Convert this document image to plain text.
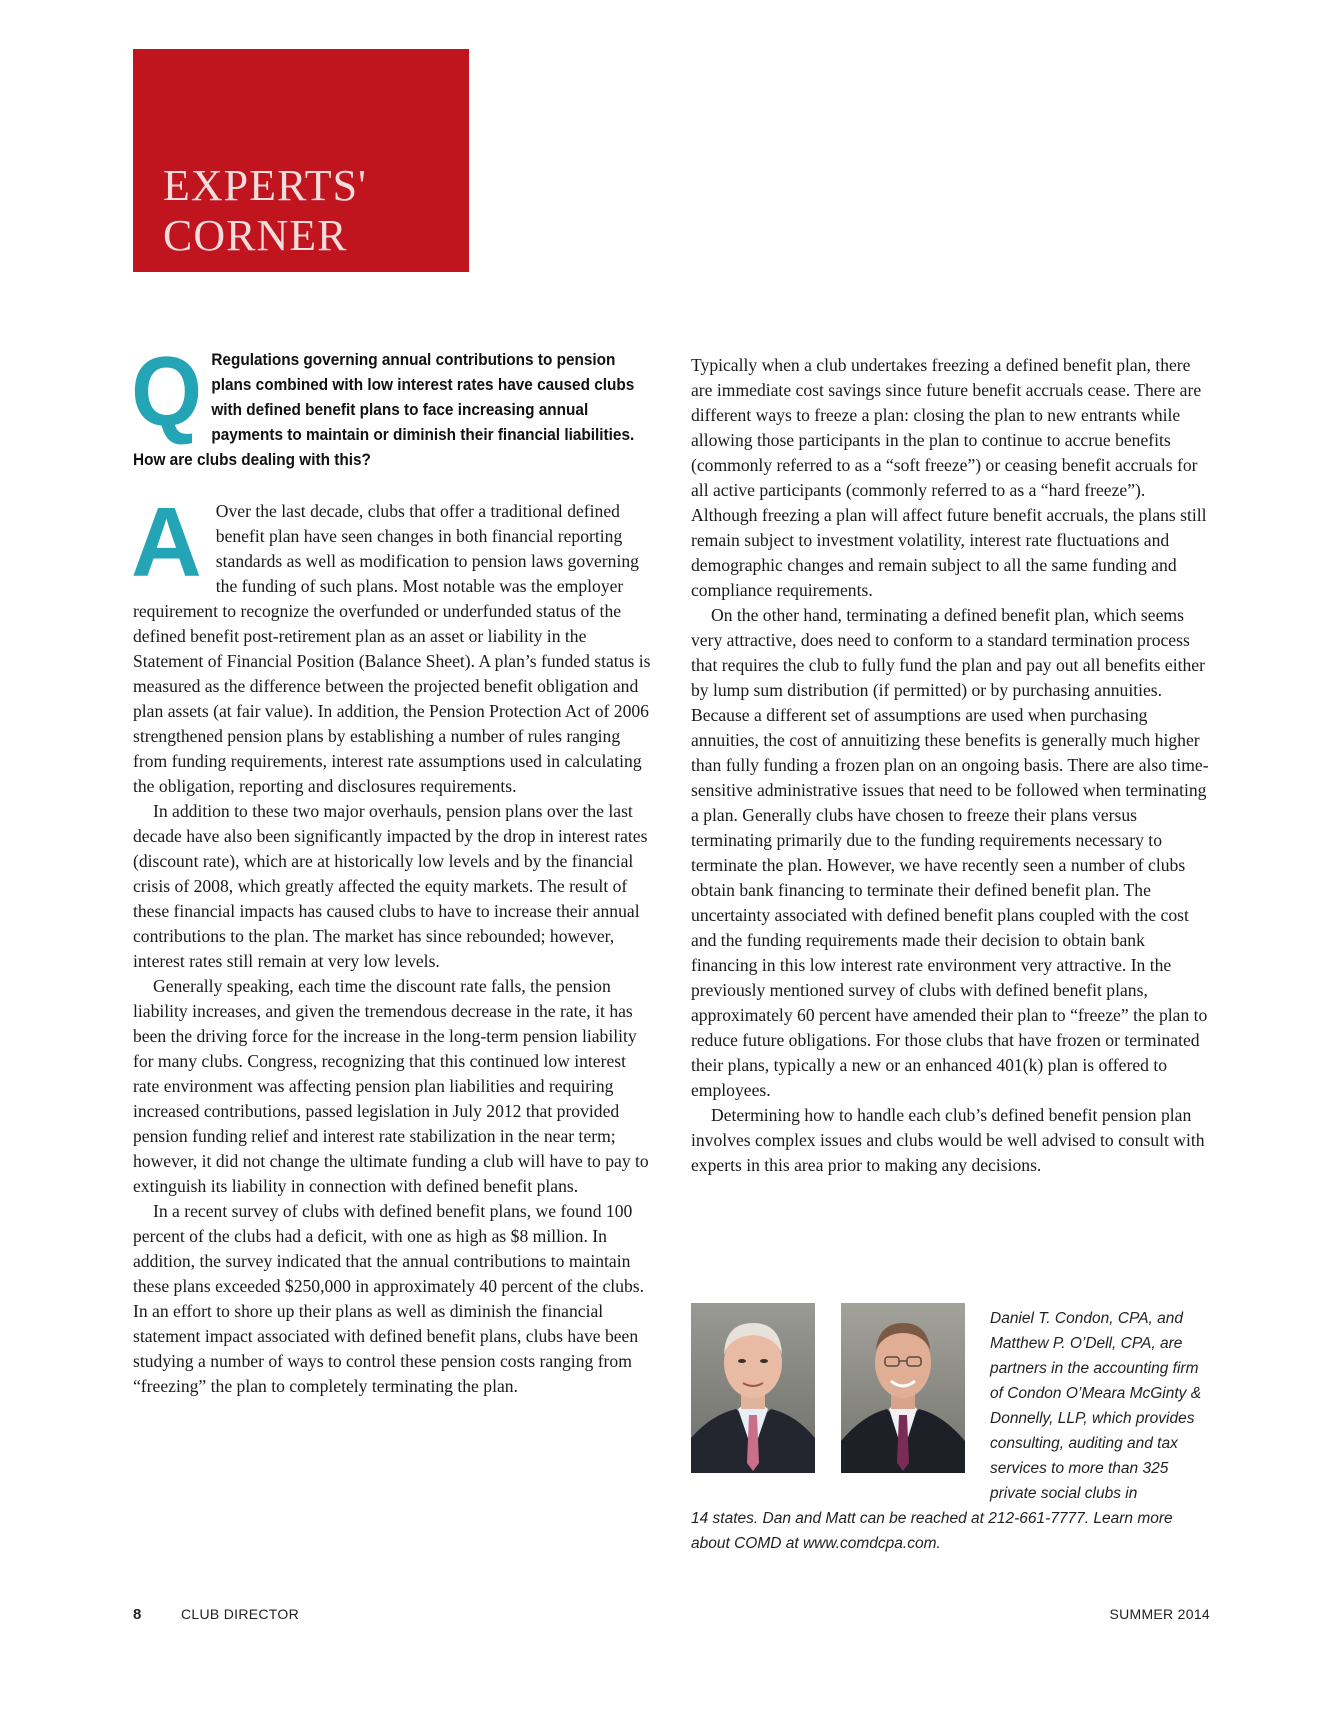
EXPERTS'
CORNER

Q Regulations governing annual contributions to pension plans combined with low interest rates have caused clubs with defined benefit plans to face increasing annual payments to maintain or diminish their financial liabilities. How are clubs dealing with this?

A Over the last decade, clubs that offer a traditional defined benefit plan have seen changes in both financial reporting standards as well as modification to pension laws governing the funding of such plans. Most notable was the employer requirement to recognize the overfunded or underfunded status of the defined benefit post-retirement plan as an asset or liability in the Statement of Financial Position (Balance Sheet). A plan’s funded status is measured as the difference between the projected benefit obligation and plan assets (at fair value). In addition, the Pension Protection Act of 2006 strengthened pension plans by establishing a number of rules ranging from funding requirements, interest rate assumptions used in calculating the obligation, reporting and disclosures requirements.

In addition to these two major overhauls, pension plans over the last decade have also been significantly impacted by the drop in interest rates (discount rate), which are at historically low levels and by the financial crisis of 2008, which greatly affected the equity markets. The result of these financial impacts has caused clubs to have to increase their annual contributions to the plan. The market has since rebounded; however, interest rates still remain at very low levels.

Generally speaking, each time the discount rate falls, the pension liability increases, and given the tremendous decrease in the rate, it has been the driving force for the increase in the long-term pension liability for many clubs. Congress, recognizing that this continued low interest rate environment was affecting pension plan liabilities and requiring increased contributions, passed legislation in July 2012 that provided pension funding relief and interest rate stabilization in the near term; however, it did not change the ultimate funding a club will have to pay to extinguish its liability in connection with defined benefit plans.

In a recent survey of clubs with defined benefit plans, we found 100 percent of the clubs had a deficit, with one as high as $8 million. In addition, the survey indicated that the annual contributions to maintain these plans exceeded $250,000 in approximately 40 percent of the clubs. In an effort to shore up their plans as well as diminish the financial statement impact associated with defined benefit plans, clubs have been studying a number of ways to control these pension costs ranging from “freezing” the plan to completely terminating the plan.

Typically when a club undertakes freezing a defined benefit plan, there are immediate cost savings since future benefit accruals cease. There are different ways to freeze a plan: closing the plan to new entrants while allowing those participants in the plan to continue to accrue benefits (commonly referred to as a “soft freeze”) or ceasing benefit accruals for all active participants (commonly referred to as a “hard freeze”). Although freezing a plan will affect future benefit accruals, the plans still remain subject to investment volatility, interest rate fluctuations and demographic changes and remain subject to all the same funding and compliance requirements.

On the other hand, terminating a defined benefit plan, which seems very attractive, does need to conform to a standard termination process that requires the club to fully fund the plan and pay out all benefits either by lump sum distribution (if permitted) or by purchasing annuities. Because a different set of assumptions are used when purchasing annuities, the cost of annuitizing these benefits is generally much higher than fully funding a frozen plan on an ongoing basis. There are also time-sensitive administrative issues that need to be followed when terminating a plan. Generally clubs have chosen to freeze their plans versus terminating primarily due to the funding requirements necessary to terminate the plan. However, we have recently seen a number of clubs obtain bank financing to terminate their defined benefit plan. The uncertainty associated with defined benefit plans coupled with the cost and the funding requirements made their decision to obtain bank financing in this low interest rate environment very attractive. In the previously mentioned survey of clubs with defined benefit plans, approximately 60 percent have amended their plan to “freeze” the plan to reduce future obligations. For those clubs that have frozen or terminated their plans, typically a new or an enhanced 401(k) plan is offered to employees.

Determining how to handle each club’s defined benefit pension plan involves complex issues and clubs would be well advised to consult with experts in this area prior to making any decisions.

Daniel T. Condon, CPA, and Matthew P. O’Dell, CPA, are partners in the accounting firm of Condon O’Meara McGinty & Donnelly, LLP, which provides consulting, auditing and tax services to more than 325 private social clubs in

14 states. Dan and Matt can be reached at 212-661-7777. Learn more about COMD at www.comdcpa.com.

8	CLUB DIRECTOR	SUMMER 2014
